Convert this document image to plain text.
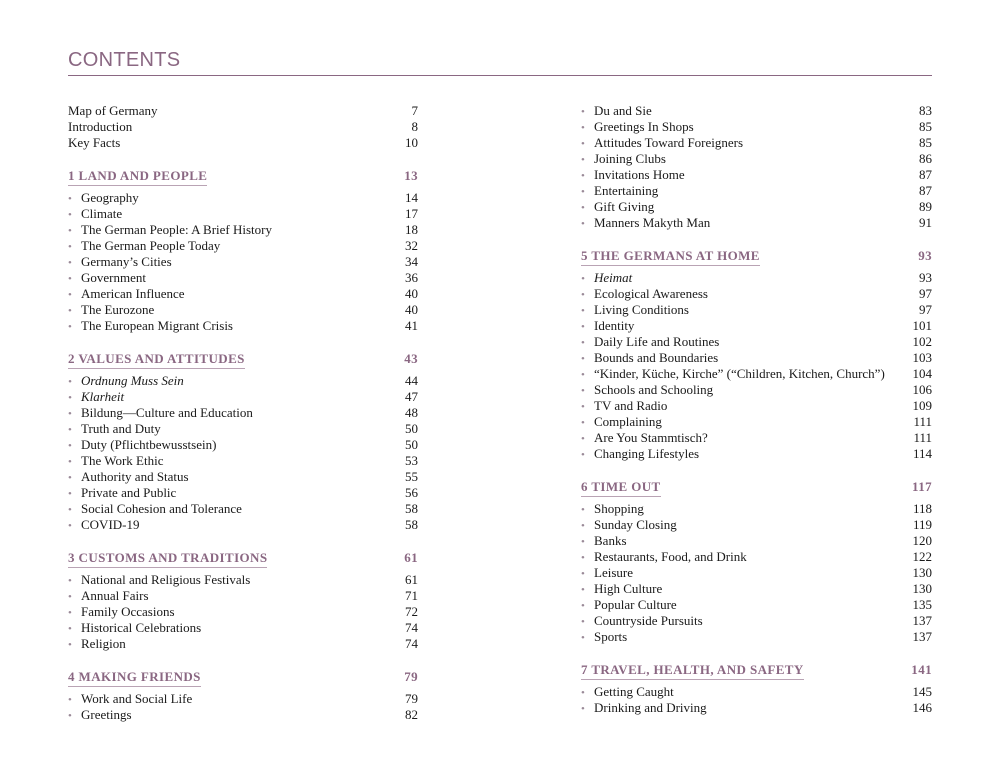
CONTENTS
Map of Germany	7
Introduction	8
Key Facts	10
1 LAND AND PEOPLE	13
• Geography	14
• Climate	17
• The German People: A Brief History	18
• The German People Today	32
• Germany’s Cities	34
• Government	36
• American Influence	40
• The Eurozone	40
• The European Migrant Crisis	41
2 VALUES AND ATTITUDES	43
• Ordnung Muss Sein	44
• Klarheit	47
• Bildung—Culture and Education	48
• Truth and Duty	50
• Duty (Pflichtbewusstsein)	50
• The Work Ethic	53
• Authority and Status	55
• Private and Public	56
• Social Cohesion and Tolerance	58
• COVID-19	58
3 CUSTOMS AND TRADITIONS	61
• National and Religious Festivals	61
• Annual Fairs	71
• Family Occasions	72
• Historical Celebrations	74
• Religion	74
4 MAKING FRIENDS	79
• Work and Social Life	79
• Greetings	82
• Du and Sie	83
• Greetings In Shops	85
• Attitudes Toward Foreigners	85
• Joining Clubs	86
• Invitations Home	87
• Entertaining	87
• Gift Giving	89
• Manners Makyth Man	91
5 THE GERMANS AT HOME	93
• Heimat	93
• Ecological Awareness	97
• Living Conditions	97
• Identity	101
• Daily Life and Routines	102
• Bounds and Boundaries	103
• “Kinder, Küche, Kirche” (“Children, Kitchen, Church”) 104
• Schools and Schooling	106
• TV and Radio	109
• Complaining	111
• Are You Stammtisch?	111
• Changing Lifestyles	114
6 TIME OUT	117
• Shopping	118
• Sunday Closing	119
• Banks	120
• Restaurants, Food, and Drink	122
• Leisure	130
• High Culture	130
• Popular Culture	135
• Countryside Pursuits	137
• Sports	137
7 TRAVEL, HEALTH, AND SAFETY	141
• Getting Caught	145
• Drinking and Driving	146
